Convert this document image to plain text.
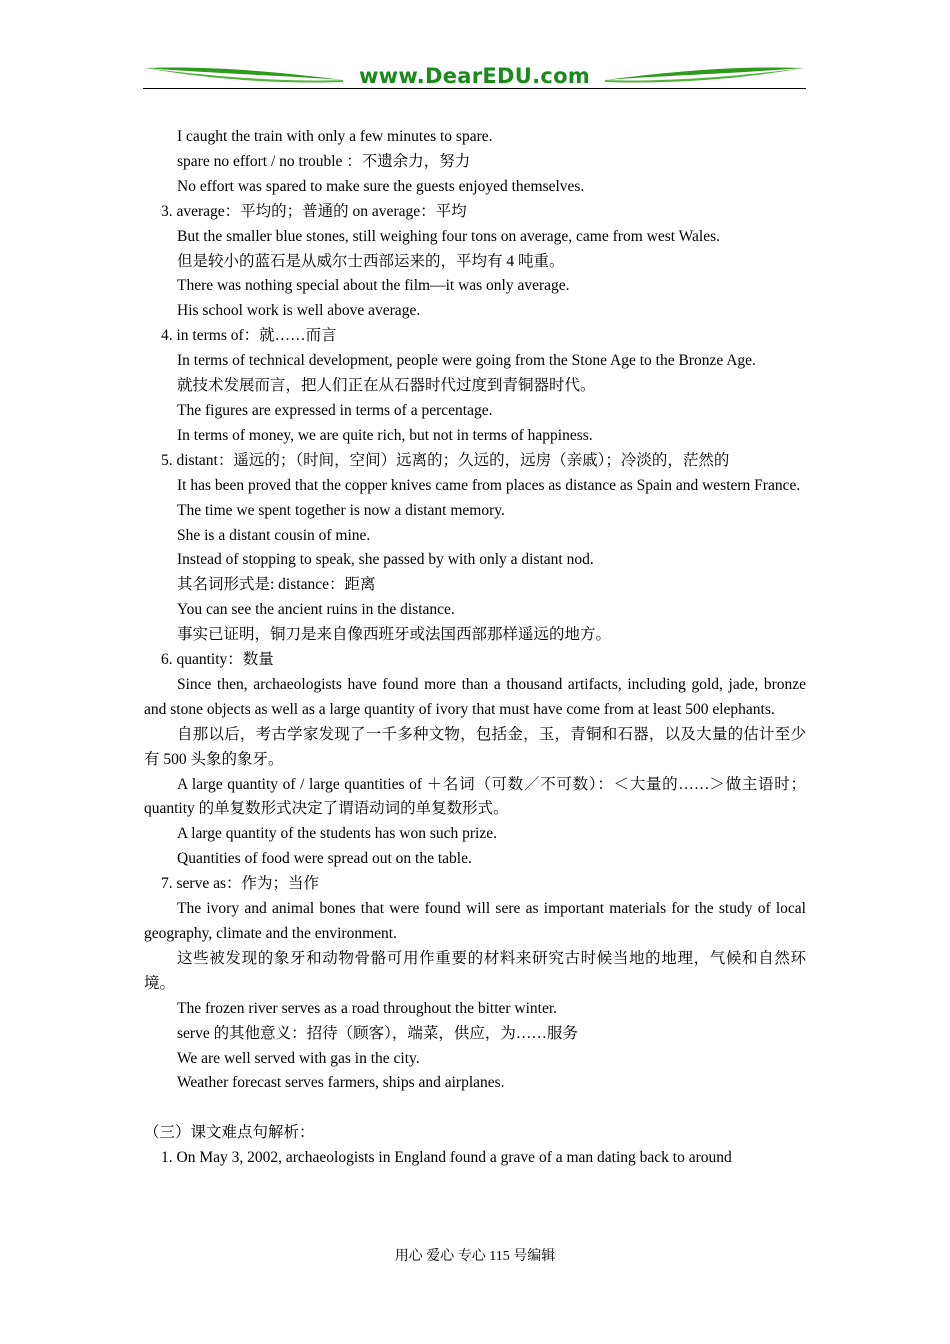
www.DearEDU.com

I caught the train with only a few minutes to spare.

spare no effort / no trouble ：不遗余力，努力

No effort was spared to make sure the guests enjoyed themselves.

3. average：平均的；普通的 on average：平均

But the smaller blue stones, still weighing four tons on average, came from west Wales.

但是较小的蓝石是从威尔士西部运来的，平均有 4 吨重。

There was nothing special about the film—it was only average.

His school work is well above average.

4. in terms of：就……而言

In terms of technical development, people were going from the Stone Age to the Bronze Age.

就技术发展而言，把人们正在从石器时代过度到青铜器时代。

The figures are expressed in terms of a percentage.

In terms of money, we are quite rich, but not in terms of happiness.

5. distant：遥远的；（时间，空间）远离的；久远的，远房（亲戚）；冷淡的，茫然的

It has been proved that the copper knives came from places as distance as Spain and western France.

The time we spent together is now a distant memory.

She is a distant cousin of mine.

Instead of stopping to speak, she passed by with only a distant nod.

其名词形式是: distance：距离

You can see the ancient ruins in the distance.

事实已证明，铜刀是来自像西班牙或法国西部那样遥远的地方。

6. quantity：数量

Since then, archaeologists have found more than a thousand artifacts, including gold, jade, bronze and stone objects as well as a large quantity of ivory that must have come from at least 500 elephants.

自那以后，考古学家发现了一千多种文物，包括金，玉，青铜和石器，以及大量的估计至少有 500 头象的象牙。

A large quantity of / large quantities of ＋名词（可数／不可数）：＜大量的……＞做主语时；quantity 的单复数形式决定了谓语动词的单复数形式。

A large quantity of the students has won such prize.

Quantities of food were spread out on the table.

7. serve as：作为；当作

The ivory and animal bones that were found will sere as important materials for the study of local geography, climate and the environment.

这些被发现的象牙和动物骨骼可用作重要的材料来研究古时候当地的地理，气候和自然环境。

The frozen river serves as a road throughout the bitter winter.

serve 的其他意义：招待（顾客），端菜，供应，为……服务

We are well served with gas in the city.

Weather forecast serves farmers, ships and airplanes.

（三）课文难点句解析：

1. On May 3, 2002, archaeologists in England found a grave of a man dating back to around

用心 爱心 专心 115 号编辑
